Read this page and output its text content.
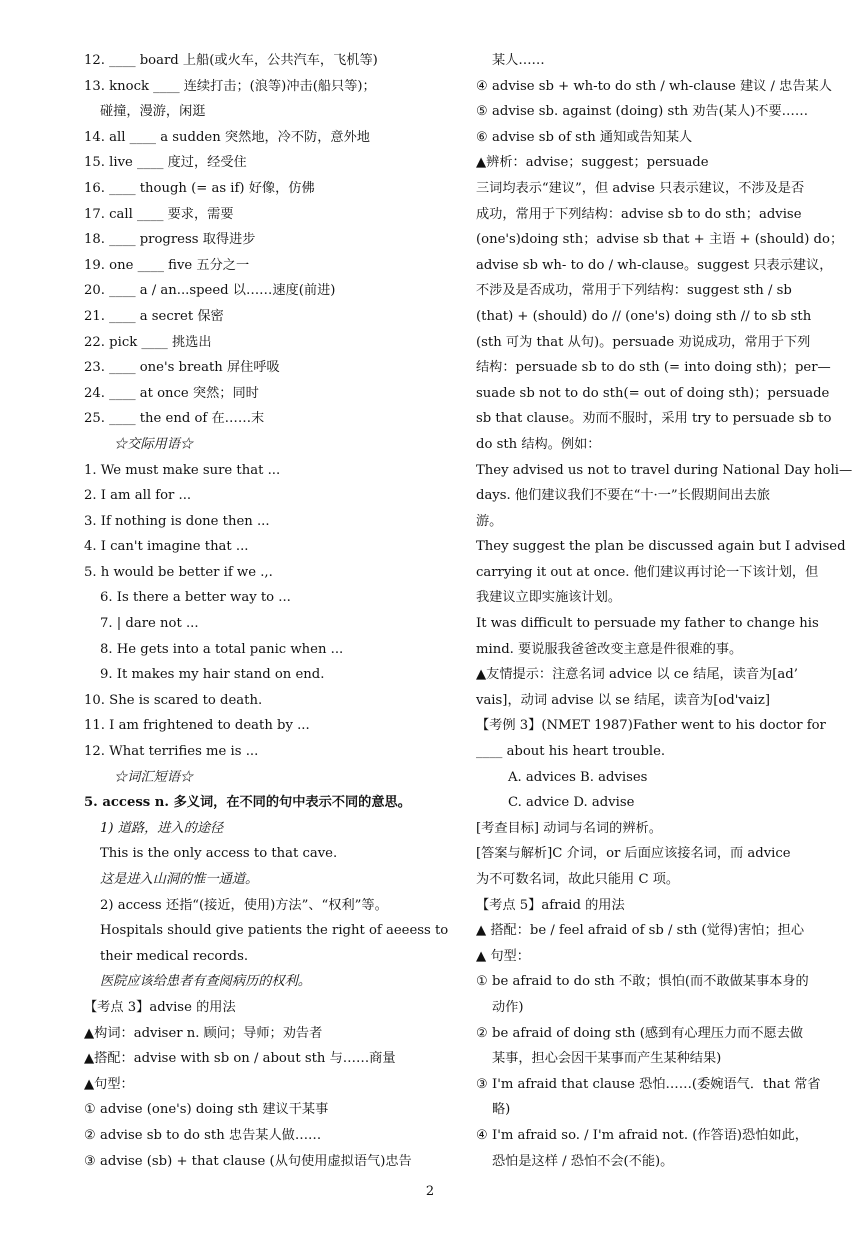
12. ____ board 上船(或火车，公共汽车，飞机等)

13. knock ____ 连续打击；(浪等)冲击(船只等)；

碰撞，漫游，闲逛

14. all ____ a sudden 突然地，冷不防，意外地

15. live ____ 度过，经受住

16. ____ though (= as if) 好像，仿佛

17. call ____ 要求，需要

18. ____ progress 取得进步

19. one ____ five 五分之一

20. ____ a / an...speed 以……速度(前进)

21. ____ a secret 保密

22. pick ____ 挑选出

23. ____ one's breath 屏住呼吸

24. ____ at once 突然；同时

25. ____ the end of 在……末

☆交际用语☆

1. We must make sure that ...

2. I am all for ...

3. If nothing is done then ...

4. I can't imagine that ...

5. h would be better if we .,.

6. Is there a better way to ...

7. | dare not ...

8. He gets into a total panic when ...

9. It makes my hair stand on end.

10. She is scared to death.

11. I am frightened to death by ...

12. What terrifies me is ...

☆词汇短语☆

5. access n. 多义词，在不同的句中表示不同的意思。

1) 道路，进入的途径

This is the only access to that cave.

这是进入山洞的惟一通道。

2) access 还指“(接近，使用)方法”、“权利”等。

Hospitals should give patients the right of aeeess to

their medical records.

医院应该给患者有查阅病历的权利。

【考点 3】advise 的用法

▲构词：adviser n. 顾问；导师；劝告者

▲搭配：advise with sb on / about sth 与……商量

▲句型：

① advise (one's) doing sth 建议干某事

② advise sb to do sth 忠告某人做……

③ advise (sb) + that clause (从句使用虚拟语气)忠告

某人……

④ advise sb + wh-to do sth / wh-clause 建议 / 忠告某人

⑤ advise sb. against (doing) sth 劝告(某人)不要……

⑥ advise sb of sth 通知或告知某人

▲辨析：advise；suggest；persuade

三词均表示“建议”，但 advise 只表示建议，不涉及是否

成功，常用于下列结构：advise sb to do sth；advise

(one's)doing sth；advise sb that + 主语 + (should) do；

advise sb wh- to do / wh-clause。suggest 只表示建议，

不涉及是否成功，常用于下列结构：suggest sth / sb

(that) + (should) do // (one's) doing sth // to sb sth

(sth 可为 that 从句)。persuade 劝说成功，常用于下列

结构：persuade sb to do sth (= into doing sth)；per—

suade sb not to do sth(= out of doing sth)；persuade

sb that clause。劝而不服时，采用 try to persuade sb to

do sth 结构。例如：

They advised us not to travel during National Day holi—

days. 他们建议我们不要在“十·一”长假期间出去旅

游。

They suggest the plan be discussed again but I advised

carrying it out at once. 他们建议再讨论一下该计划，但

我建议立即实施该计划。

It was difficult to persuade my father to change his

mind. 要说服我爸爸改变主意是件很难的事。

▲友情提示：注意名词 advice 以 ce 结尾，读音为[ad’

vais]，动词 advise 以 se 结尾，读音为[od'vaiz]

【考例 3】(NMET 1987)Father went to his doctor for

____ about his heart trouble.

A. advices B. advises

C. advice D. advise

[考查目标] 动词与名词的辨析。

[答案与解析]C 介词，or 后面应该接名词，而 advice

为不可数名词，故此只能用 C 项。

【考点 5】afraid 的用法

▲ 搭配：be / feel afraid of sb / sth (觉得)害怕；担心

▲ 句型：

① be afraid to do sth 不敢；惧怕(而不敢做某事本身的

动作)

② be afraid of doing sth (感到有心理压力而不愿去做

某事，担心会因干某事而产生某种结果)

③ I'm afraid that clause 恐怕……(委婉语气．that 常省

略)

④ I'm afraid so. / I'm afraid not. (作答语)恐怕如此，

恐怕是这样 / 恐怕不会(不能)。

2
